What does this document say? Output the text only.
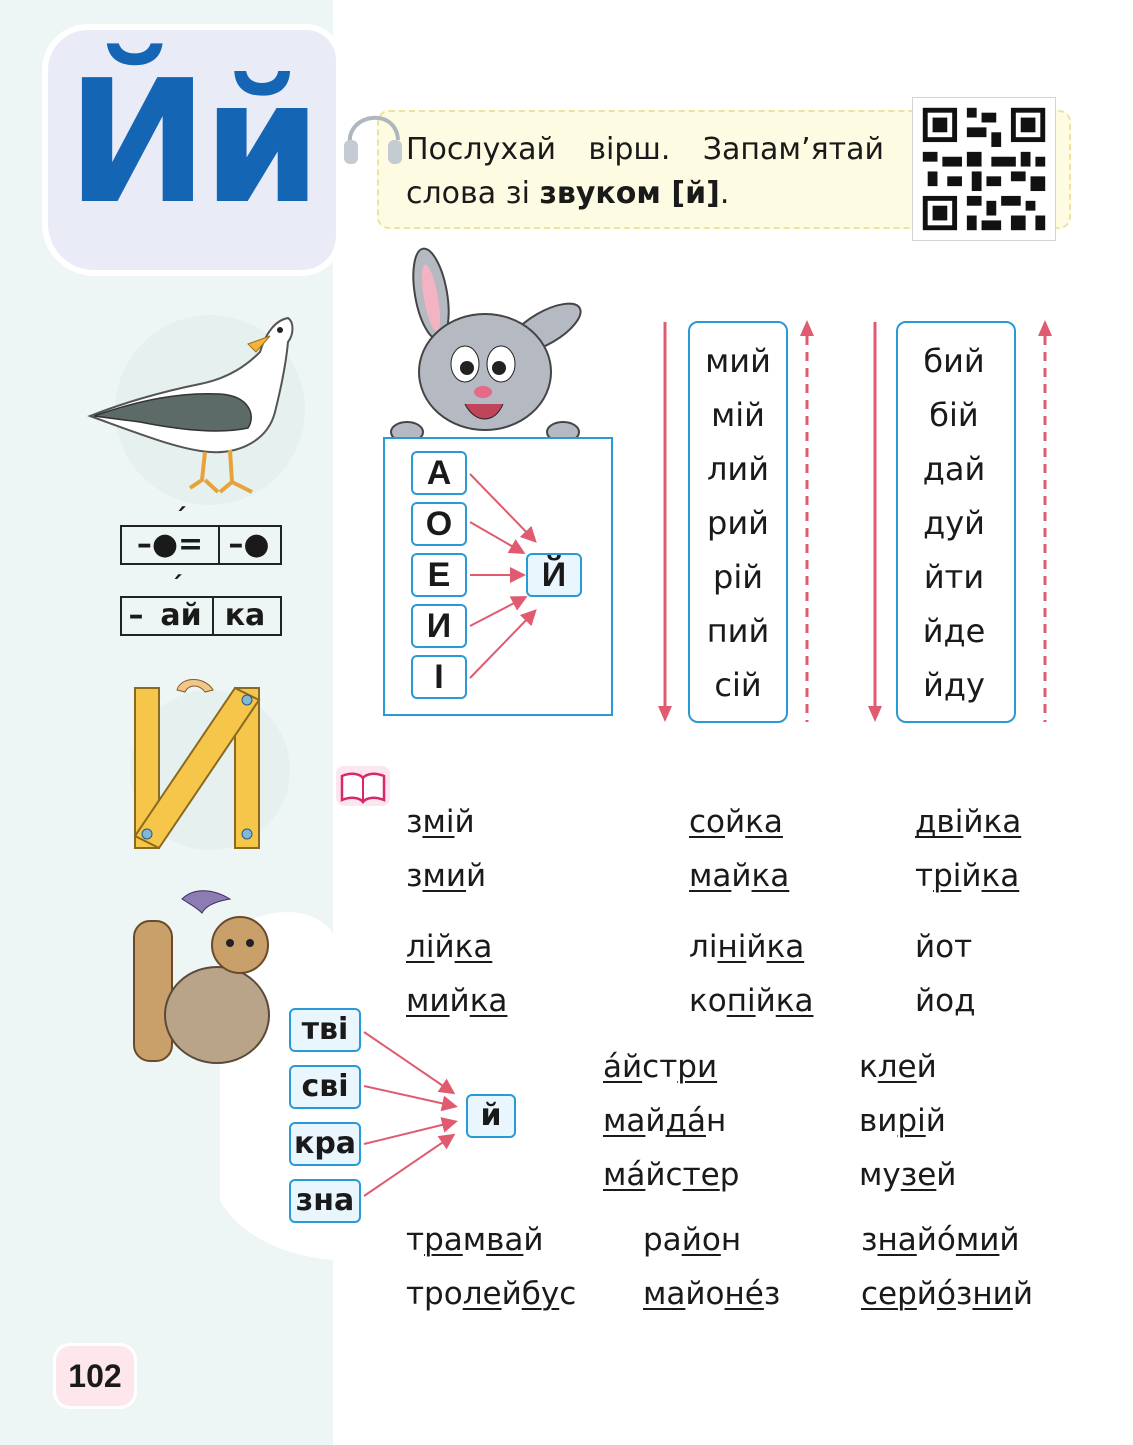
Йй
´
–●= –●
´
– ай ка
Послухай вірш. Запам’ятай слова зі звуком [й].
А
О
Е
И
І
Й
мий
мій
лий
рий
рій
пий
сій
бий
бій
дай
дуй
йти
йде
йду
змій
змий
сойка
майка
двійка
трійка
лійка
мийка
лінійка
копійка
йот
йод
тві
сві
кра
зна
й
а́йстри
майда́н
ма́йстер
клей
вирій
музей
трамвай
тролейбус
район
майоне́з
знайо́мий
серйо́зний
102
